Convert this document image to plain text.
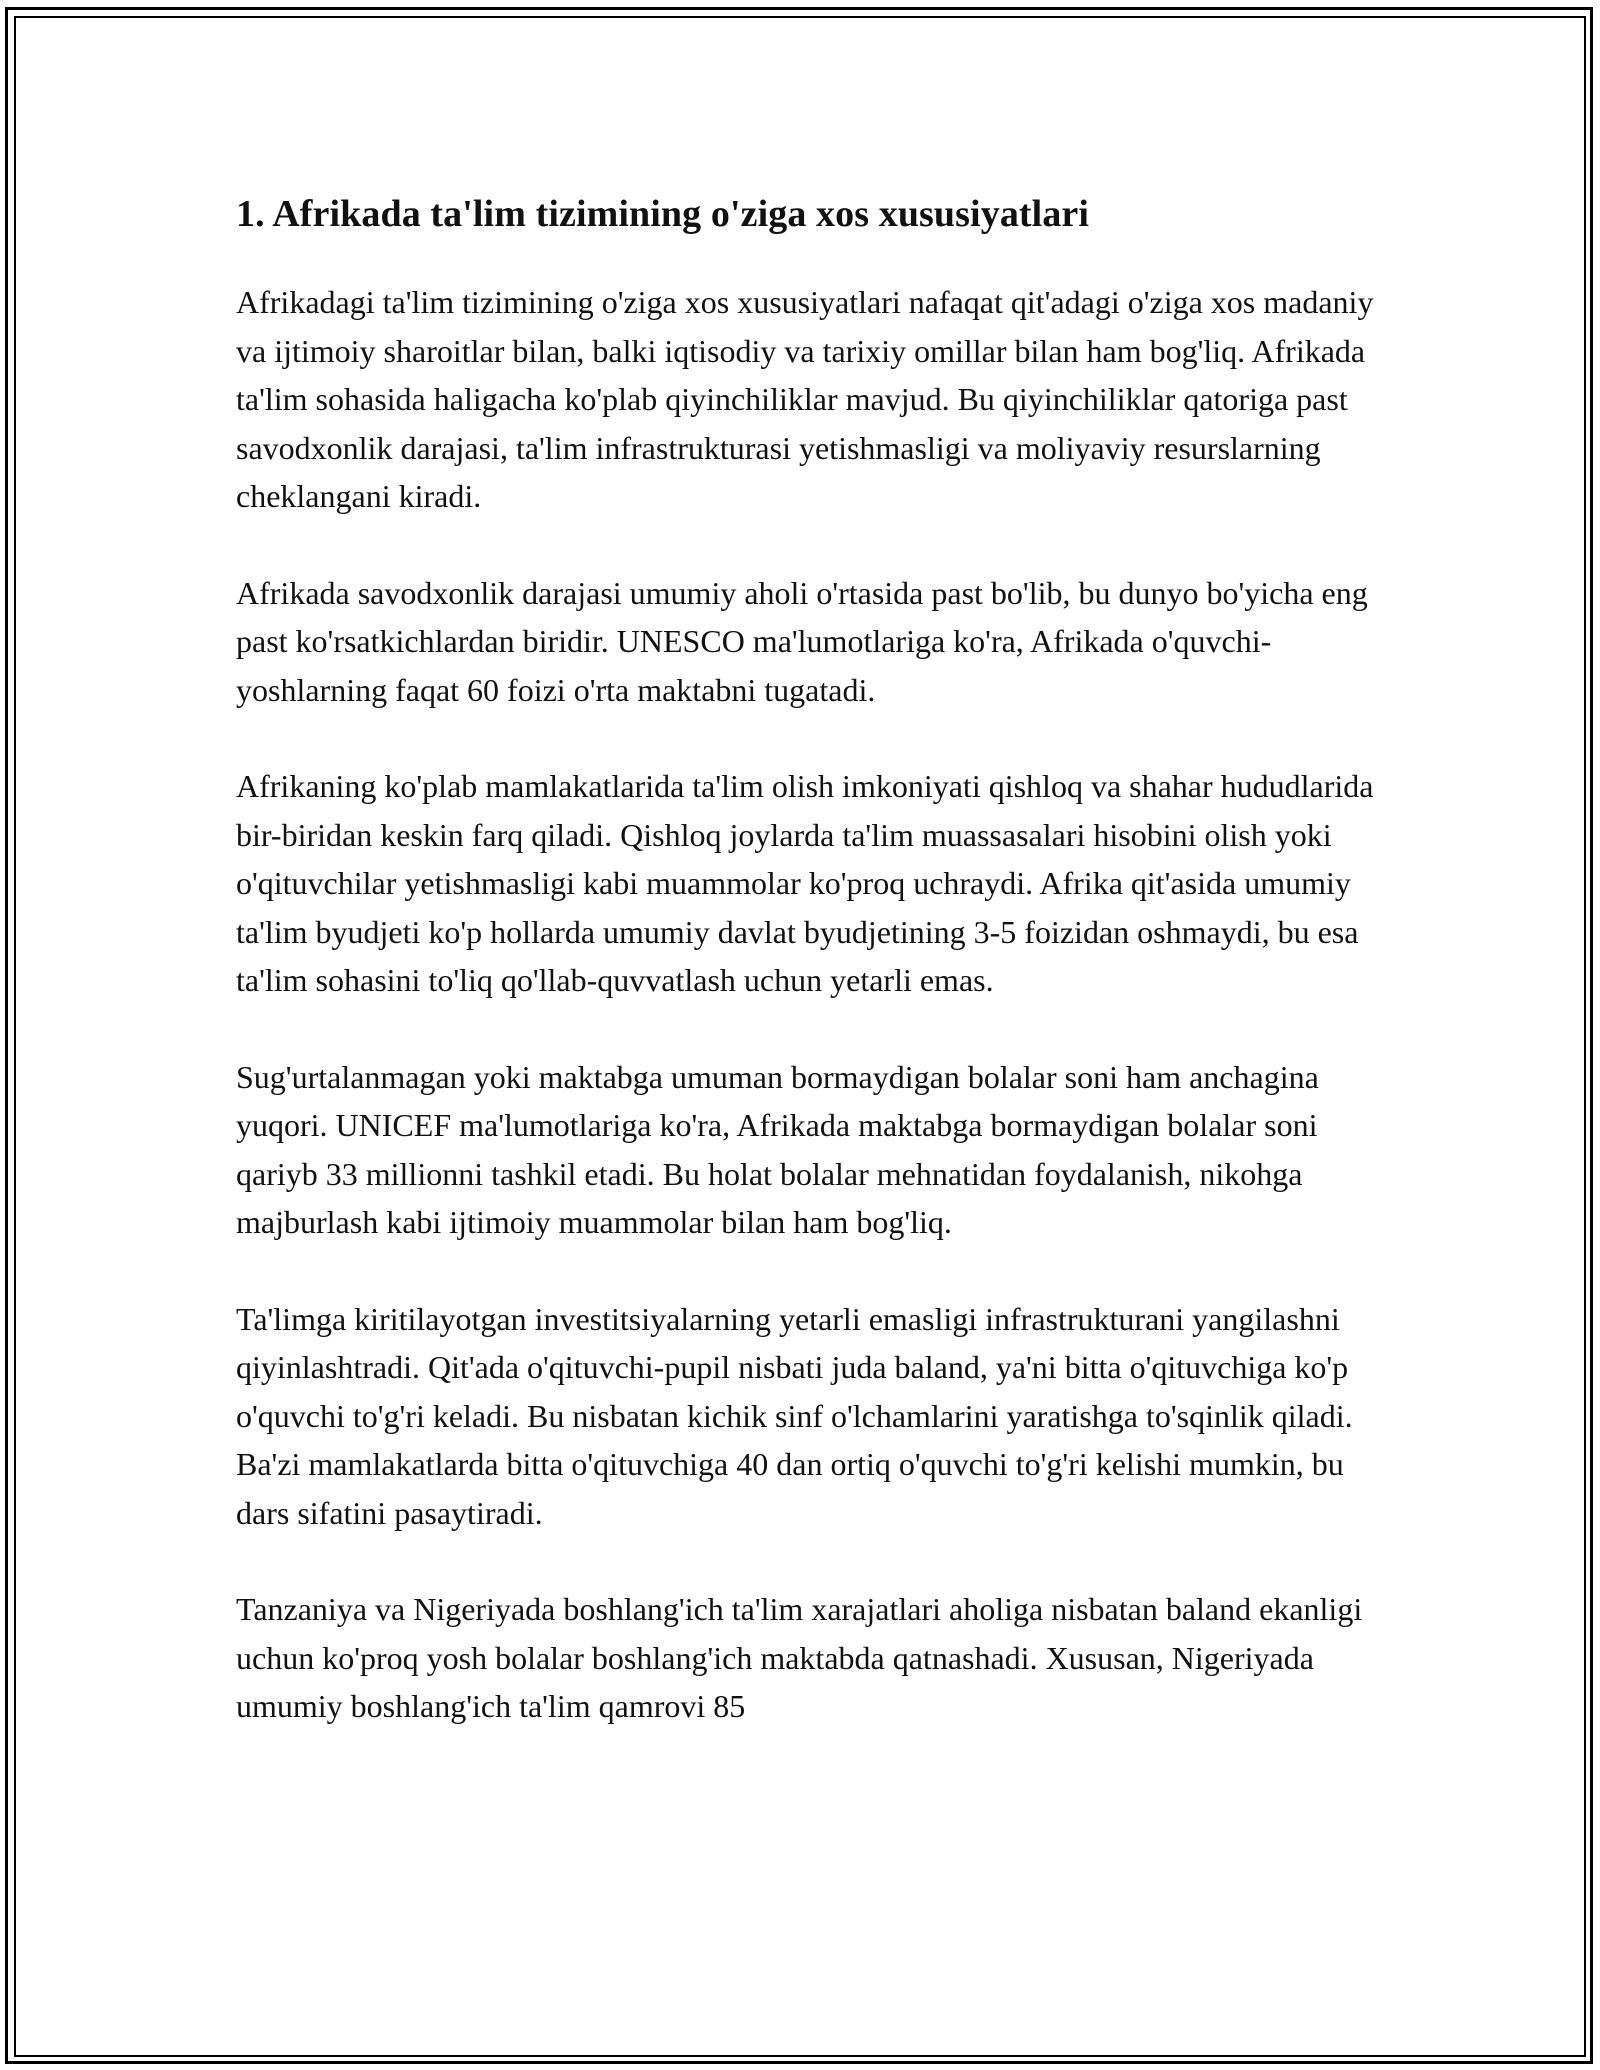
1. Afrikada ta'lim tizimining o'ziga xos xususiyatlari

Afrikadagi ta'lim tizimining o'ziga xos xususiyatlari nafaqat qit'adagi o'ziga xos madaniy va ijtimoiy sharoitlar bilan, balki iqtisodiy va tarixiy omillar bilan ham bog'liq. Afrikada ta'lim sohasida haligacha ko'plab qiyinchiliklar mavjud. Bu qiyinchiliklar qatoriga past savodxonlik darajasi, ta'lim infrastrukturasi yetishmasligi va moliyaviy resurslarning cheklangani kiradi.

Afrikada savodxonlik darajasi umumiy aholi o'rtasida past bo'lib, bu dunyo bo'yicha eng past ko'rsatkichlardan biridir. UNESCO ma'lumotlariga ko'ra, Afrikada o'quvchi-yoshlarning faqat 60 foizi o'rta maktabni tugatadi.

Afrikaning ko'plab mamlakatlarida ta'lim olish imkoniyati qishloq va shahar hududlarida bir-biridan keskin farq qiladi. Qishloq joylarda ta'lim muassasalari hisobini olish yoki o'qituvchilar yetishmasligi kabi muammolar ko'proq uchraydi. Afrika qit'asida umumiy ta'lim byudjeti ko'p hollarda umumiy davlat byudjetining 3-5 foizidan oshmaydi, bu esa ta'lim sohasini to'liq qo'llab-quvvatlash uchun yetarli emas.

Sug'urtalanmagan yoki maktabga umuman bormaydigan bolalar soni ham anchagina yuqori. UNICEF ma'lumotlariga ko'ra, Afrikada maktabga bormaydigan bolalar soni qariyb 33 millionni tashkil etadi. Bu holat bolalar mehnatidan foydalanish, nikohga majburlash kabi ijtimoiy muammolar bilan ham bog'liq.

Ta'limga kiritilayotgan investitsiyalarning yetarli emasligi infrastrukturani yangilashni qiyinlashtradi. Qit'ada o'qituvchi-pupil nisbati juda baland, ya'ni bitta o'qituvchiga ko'p o'quvchi to'g'ri keladi. Bu nisbatan kichik sinf o'lchamlarini yaratishga to'sqinlik qiladi. Ba'zi mamlakatlarda bitta o'qituvchiga 40 dan ortiq o'quvchi to'g'ri kelishi mumkin, bu dars sifatini pasaytiradi.

Tanzaniya va Nigeriyada boshlang'ich ta'lim xarajatlari aholiga nisbatan baland ekanligi uchun ko'proq yosh bolalar boshlang'ich maktabda qatnashadi. Xususan, Nigeriyada umumiy boshlang'ich ta'lim qamrovi 85
